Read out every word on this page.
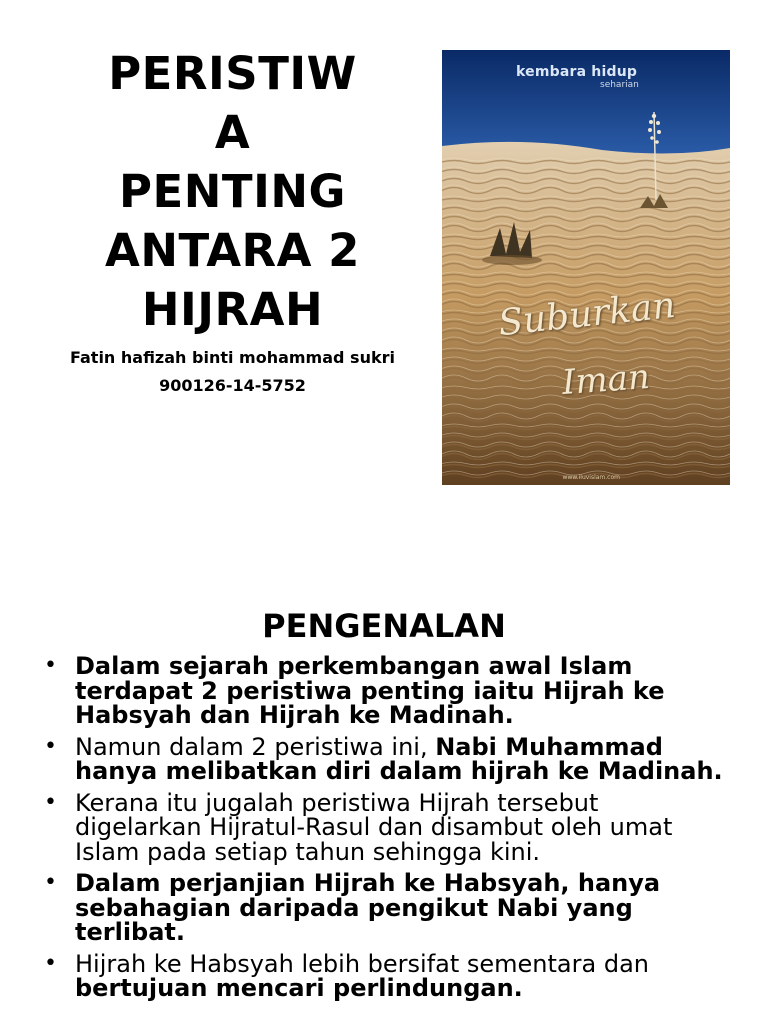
PERISTIW
A
PENTING
ANTARA 2
HIJRAH
Fatin hafizah binti mohammad sukri
900126-14-5752
kembara hidup
seharian
Suburkan
Iman
www.iluvislam.com
PENGENALAN
• Dalam sejarah perkembangan awal Islam terdapat 2 peristiwa penting iaitu Hijrah ke Habsyah dan Hijrah ke Madinah.
• Namun dalam 2 peristiwa ini, Nabi Muhammad hanya melibatkan diri dalam hijrah ke Madinah.
• Kerana itu jugalah peristiwa Hijrah tersebut digelarkan Hijratul-Rasul dan disambut oleh umat Islam pada setiap tahun sehingga kini.
• Dalam perjanjian Hijrah ke Habsyah, hanya sebahagian daripada pengikut Nabi yang terlibat.
• Hijrah ke Habsyah lebih bersifat sementara dan bertujuan mencari perlindungan.
